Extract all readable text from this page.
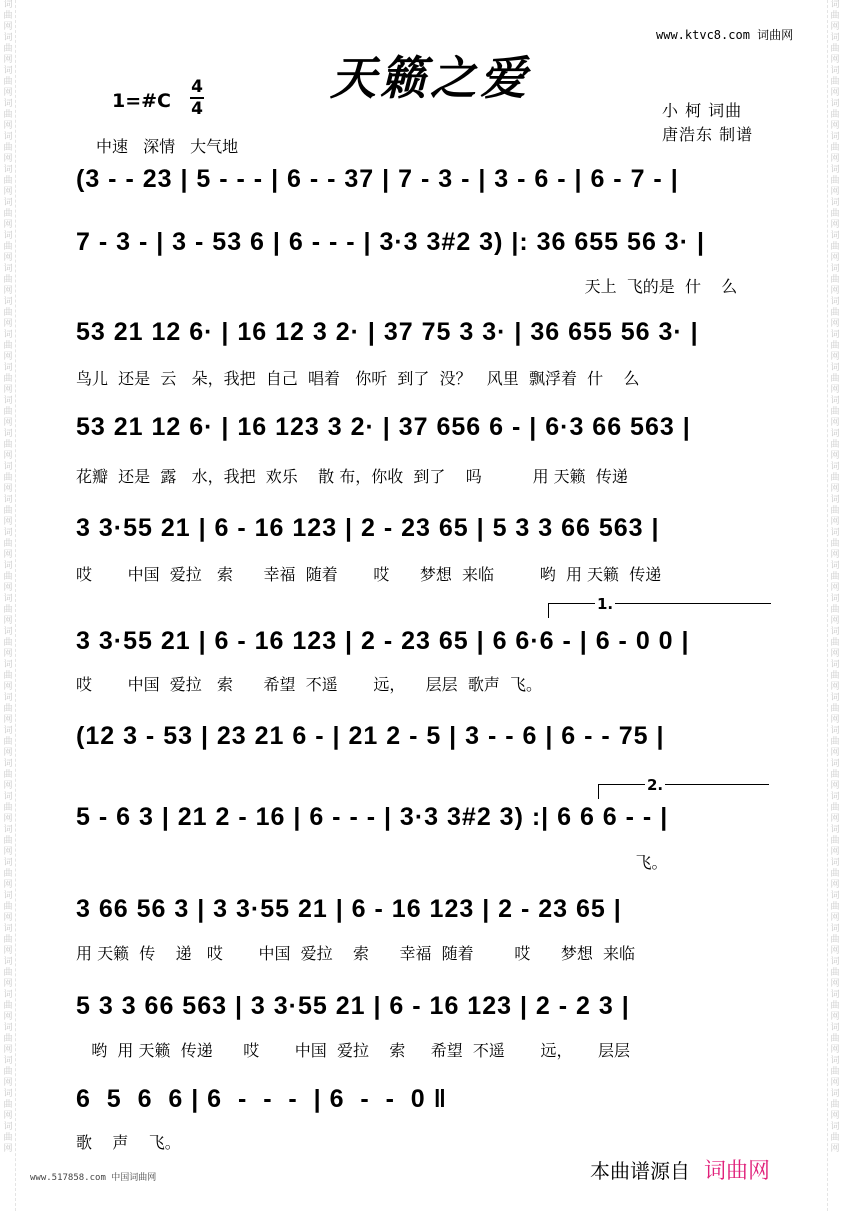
词曲网词曲网词曲网词曲网词曲网词曲网词曲网词曲网词曲网词曲网词曲网词曲网词曲网词曲网词曲网词曲网词曲网词曲网词曲网词曲网词曲网词曲网词曲网词曲网词曲网词曲网词曲网词曲网词曲网词曲网词曲网词曲网词曲网词曲网词曲网
词曲网词曲网词曲网词曲网词曲网词曲网词曲网词曲网词曲网词曲网词曲网词曲网词曲网词曲网词曲网词曲网词曲网词曲网词曲网词曲网词曲网词曲网词曲网词曲网词曲网词曲网词曲网词曲网词曲网词曲网词曲网词曲网词曲网词曲网词曲网
天籁之爱
www.ktvc8.com 词曲网
1=#C
4
4
中速 深情 大气地
小 柯 词曲
唐浩东 制谱
(3 - - 23 | 5 - - - | 6 - - 37 | 7 - 3 - | 3 - 6 - | 6 - 7 - |
7 - 3 - | 3 - 53 6 | 6 - - - | 3·3 3#2 3) |: 36 655 56 3· |
天上  飞的是  什    么
53 21 12 6· | 16 12 3 2· | 37 75 3 3· | 36 655 56 3· |
鸟儿  还是  云   朵，我把  自己  唱着   你听  到了  没？   风里  飘浮着  什    么
53 21 12 6· | 16 123 3 2· | 37 656 6 - | 6·3 66 563 |
花瓣  还是  露   水，我把  欢乐    散 布，你收  到了    吗          用 天籁  传递
3 3·55 21 | 6 - 16 123 | 2 - 23 65 | 5 3 3 66 563 |
哎       中国  爱拉   索      幸福  随着       哎      梦想  来临         哟  用 天籁  传递
1.
3 3·55 21 | 6 - 16 123 | 2 - 23 65 | 6 6·6 - | 6 - 0 0 |
哎       中国  爱拉   索      希望  不遥       远，    层层  歌声  飞。
(12 3 - 53 | 23 21 6 - | 21 2 - 5 | 3 - - 6 | 6 - - 75 |
2.
5 - 6 3 | 21 2 - 16 | 6 - - - | 3·3 3#2 3) :| 6 6 6 - - |
飞。
3 66 56 3 | 3 3·55 21 | 6 - 16 123 | 2 - 23 65 |
用 天籁  传    递   哎       中国  爱拉    索      幸福  随着        哎      梦想  来临
5 3 3 66 563 | 3 3·55 21 | 6 - 16 123 | 2 - 2 3 |
哟  用 天籁  传递      哎       中国  爱拉    索     希望  不遥       远，     层层
6  5  6  6 | 6  -  -  -  | 6  -  -  0 ‖
歌    声    飞。
本曲谱源自 词曲网
www.517858.com 中国词曲网
